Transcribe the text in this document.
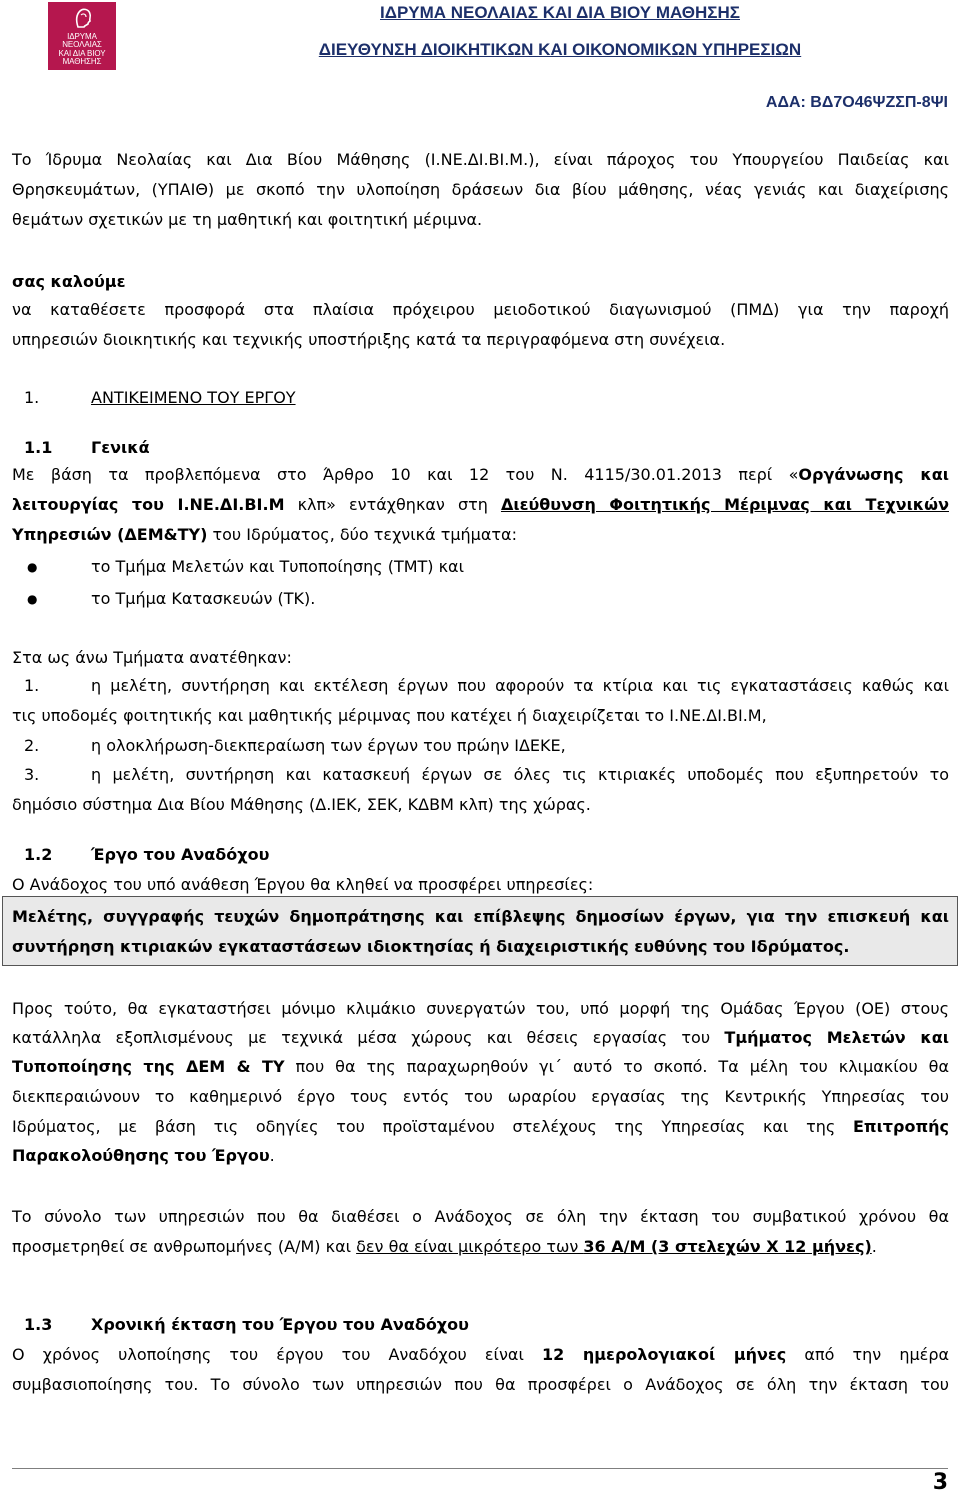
ΙΔΡΥΜΑ
ΝΕΟΛΑΙΑΣ
ΚΑΙ ΔΙΑ ΒΙΟΥ
ΜΑΘΗΣΗΣ
ΙΔΡΥΜΑ ΝΕΟΛΑΙΑΣ ΚΑΙ ΔΙΑ ΒΙΟΥ ΜΑΘΗΣΗΣ
ΔΙΕΥΘΥΝΣΗ ΔΙΟΙΚΗΤΙΚΩΝ ΚΑΙ ΟΙΚΟΝΟΜΙΚΩΝ ΥΠΗΡΕΣΙΩΝ
ΑΔΑ: ΒΔ7Ο46ΨΖΣΠ-8ΨΙ
Το Ίδρυμα Νεολαίας και Δια Βίου Μάθησης (Ι.ΝΕ.ΔΙ.ΒΙ.Μ.), είναι πάροχος του Υπουργείου Παιδείας και
Θρησκευμάτων, (ΥΠΑΙΘ) με σκοπό την υλοποίηση δράσεων δια βίου μάθησης, νέας γενιάς και διαχείρισης
θεμάτων σχετικών με τη μαθητική και φοιτητική μέριμνα.
σας καλούμε
να καταθέσετε προσφορά στα πλαίσια πρόχειρου μειοδοτικού διαγωνισμού (ΠΜΔ) για την παροχή
υπηρεσιών διοικητικής και τεχνικής υποστήριξης κατά τα περιγραφόμενα στη συνέχεια.
1.	ΑΝΤΙΚΕΙΜΕΝΟ ΤΟΥ ΕΡΓΟΥ
1.1 Γενικά
Με βάση τα προβλεπόμενα στο Άρθρο 10 και 12 του Ν. 4115/30.01.2013 περί «Οργάνωσης και
λειτουργίας του Ι.ΝΕ.ΔΙ.ΒΙ.Μ κλπ» εντάχθηκαν στη Διεύθυνση Φοιτητικής Μέριμνας και Τεχνικών
Υπηρεσιών (ΔΕΜ&ΤΥ) του Ιδρύματος, δύο τεχνικά τμήματα:
●	το Τμήμα Μελετών και Τυποποίησης (ΤΜΤ) και
●	το Τμήμα Κατασκευών (ΤΚ).
Στα ως άνω Τμήματα ανατέθηκαν:
1.	η μελέτη, συντήρηση και εκτέλεση έργων που αφορούν τα κτίρια και τις εγκαταστάσεις καθώς και
τις υποδομές φοιτητικής και μαθητικής μέριμνας που κατέχει ή διαχειρίζεται το Ι.ΝΕ.ΔΙ.ΒΙ.Μ,
2.	η ολοκλήρωση-διεκπεραίωση των έργων του πρώην ΙΔΕΚΕ,
3.	η μελέτη, συντήρηση και κατασκευή έργων σε όλες τις κτιριακές υποδομές που εξυπηρετούν το
δημόσιο σύστημα Δια Βίου Μάθησης (Δ.ΙΕΚ, ΣΕΚ, ΚΔΒΜ κλπ) της χώρας.
1.2 Έργο του Αναδόχου
Ο Ανάδοχος του υπό ανάθεση Έργου θα κληθεί να προσφέρει υπηρεσίες:
Μελέτης, συγγραφής τευχών δημοπράτησης και επίβλεψης δημοσίων έργων, για την επισκευή και
συντήρηση κτιριακών εγκαταστάσεων ιδιοκτησίας ή διαχειριστικής ευθύνης του Ιδρύματος.
Προς τούτο, θα εγκαταστήσει μόνιμο κλιμάκιο συνεργατών του, υπό μορφή της Ομάδας Έργου (ΟΕ) στους
κατάλληλα εξοπλισμένους με τεχνικά μέσα χώρους και θέσεις εργασίας του Τμήματος Μελετών και
Τυποποίησης της ΔΕΜ & ΤΥ που θα της παραχωρηθούν γι΄ αυτό το σκοπό. Τα μέλη του κλιμακίου θα
διεκπεραιώνουν το καθημερινό έργο τους εντός του ωραρίου εργασίας της Κεντρικής Υπηρεσίας του
Ιδρύματος, με βάση τις οδηγίες του προϊσταμένου στελέχους της Υπηρεσίας και της Επιτροπής
Παρακολούθησης του Έργου.
Το σύνολο των υπηρεσιών που θα διαθέσει ο Ανάδοχος σε όλη την έκταση του συμβατικού χρόνου θα
προσμετρηθεί σε ανθρωπομήνες (Α/Μ) και δεν θα είναι μικρότερο των 36 Α/Μ (3 στελεχών Χ 12 μήνες).
1.3 Χρονική έκταση του Έργου του Αναδόχου
Ο χρόνος υλοποίησης του έργου του Αναδόχου είναι 12 ημερολογιακοί μήνες από την ημέρα
συμβασιοποίησης του. Το σύνολο των υπηρεσιών που θα προσφέρει ο Ανάδοχος σε όλη την έκταση του
3
